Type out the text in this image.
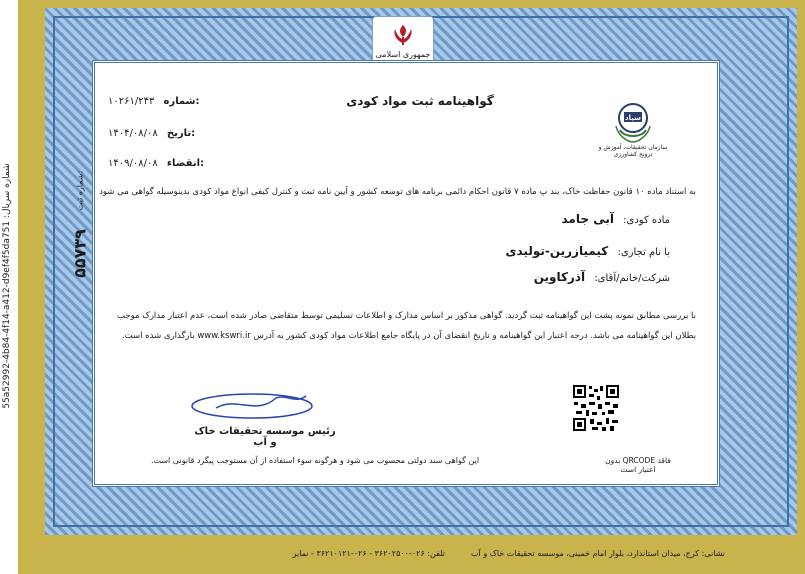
شماره سریال: 55a52992-4b84-4f14-a412-d9ef4f5da751
جمهوری اسلامی
گواهینامه ثبت مواد کودی
سپاد
سازمان تحقیقات، آموزش و ترویج کشاورزی
۱۰۲۶۱/۲۴۳ شماره:
۱۴۰۴/۰۸/۰۸ تاریخ:
۱۴۰۹/۰۸/۰۸ انقضاء:
به استناد ماده ۱۰ قانون حفاظت خاک، بند پ ماده ۷ قانون احکام دائمی برنامه های توسعه کشور و آیین نامه ثبت و کنترل کیفی انواع مواد کودی بدینوسیله گواهی می شود
ماده کودی: آبی جامد
با نام تجاری: کیمیازرین-تولیدی
شرکت/خانم/آقای: آذرکاوین
با بررسی مطابق نمونه پشت این گواهینامه ثبت گردید. گواهی مذکور بر اساس مدارک و اطلاعات تسلیمی توسط متقاضی صادر شده است، عدم اعتبار مدارک موجب بطلان این گواهینامه می باشد. درجه اعتبار این گواهینامه و تاریخ انقضای آن در پایگاه جامع اطلاعات مواد کودی کشور به آدرس www.kswri.ir بارگذاری شده است.
رئیس موسسه تحقیقات خاک و آب
این گواهی سند دولتی محسوب می شود و هرگونه سوء استفاده از آن مستوجب پیگرد قانونی است.	بدون QRCODE فاقد اعتبار است
۵۵۷۳۹
شماره ثبت:
نشانی: کرج، میدان استاندارد، بلوار امام خمینی، موسسه تحقیقات خاک و آب
تلفن: ۰۲۶-۳۶۲۰۲۵۰۰ - ۰۲۶-۳۶۲۱۰۱۲۱ - نمابر
